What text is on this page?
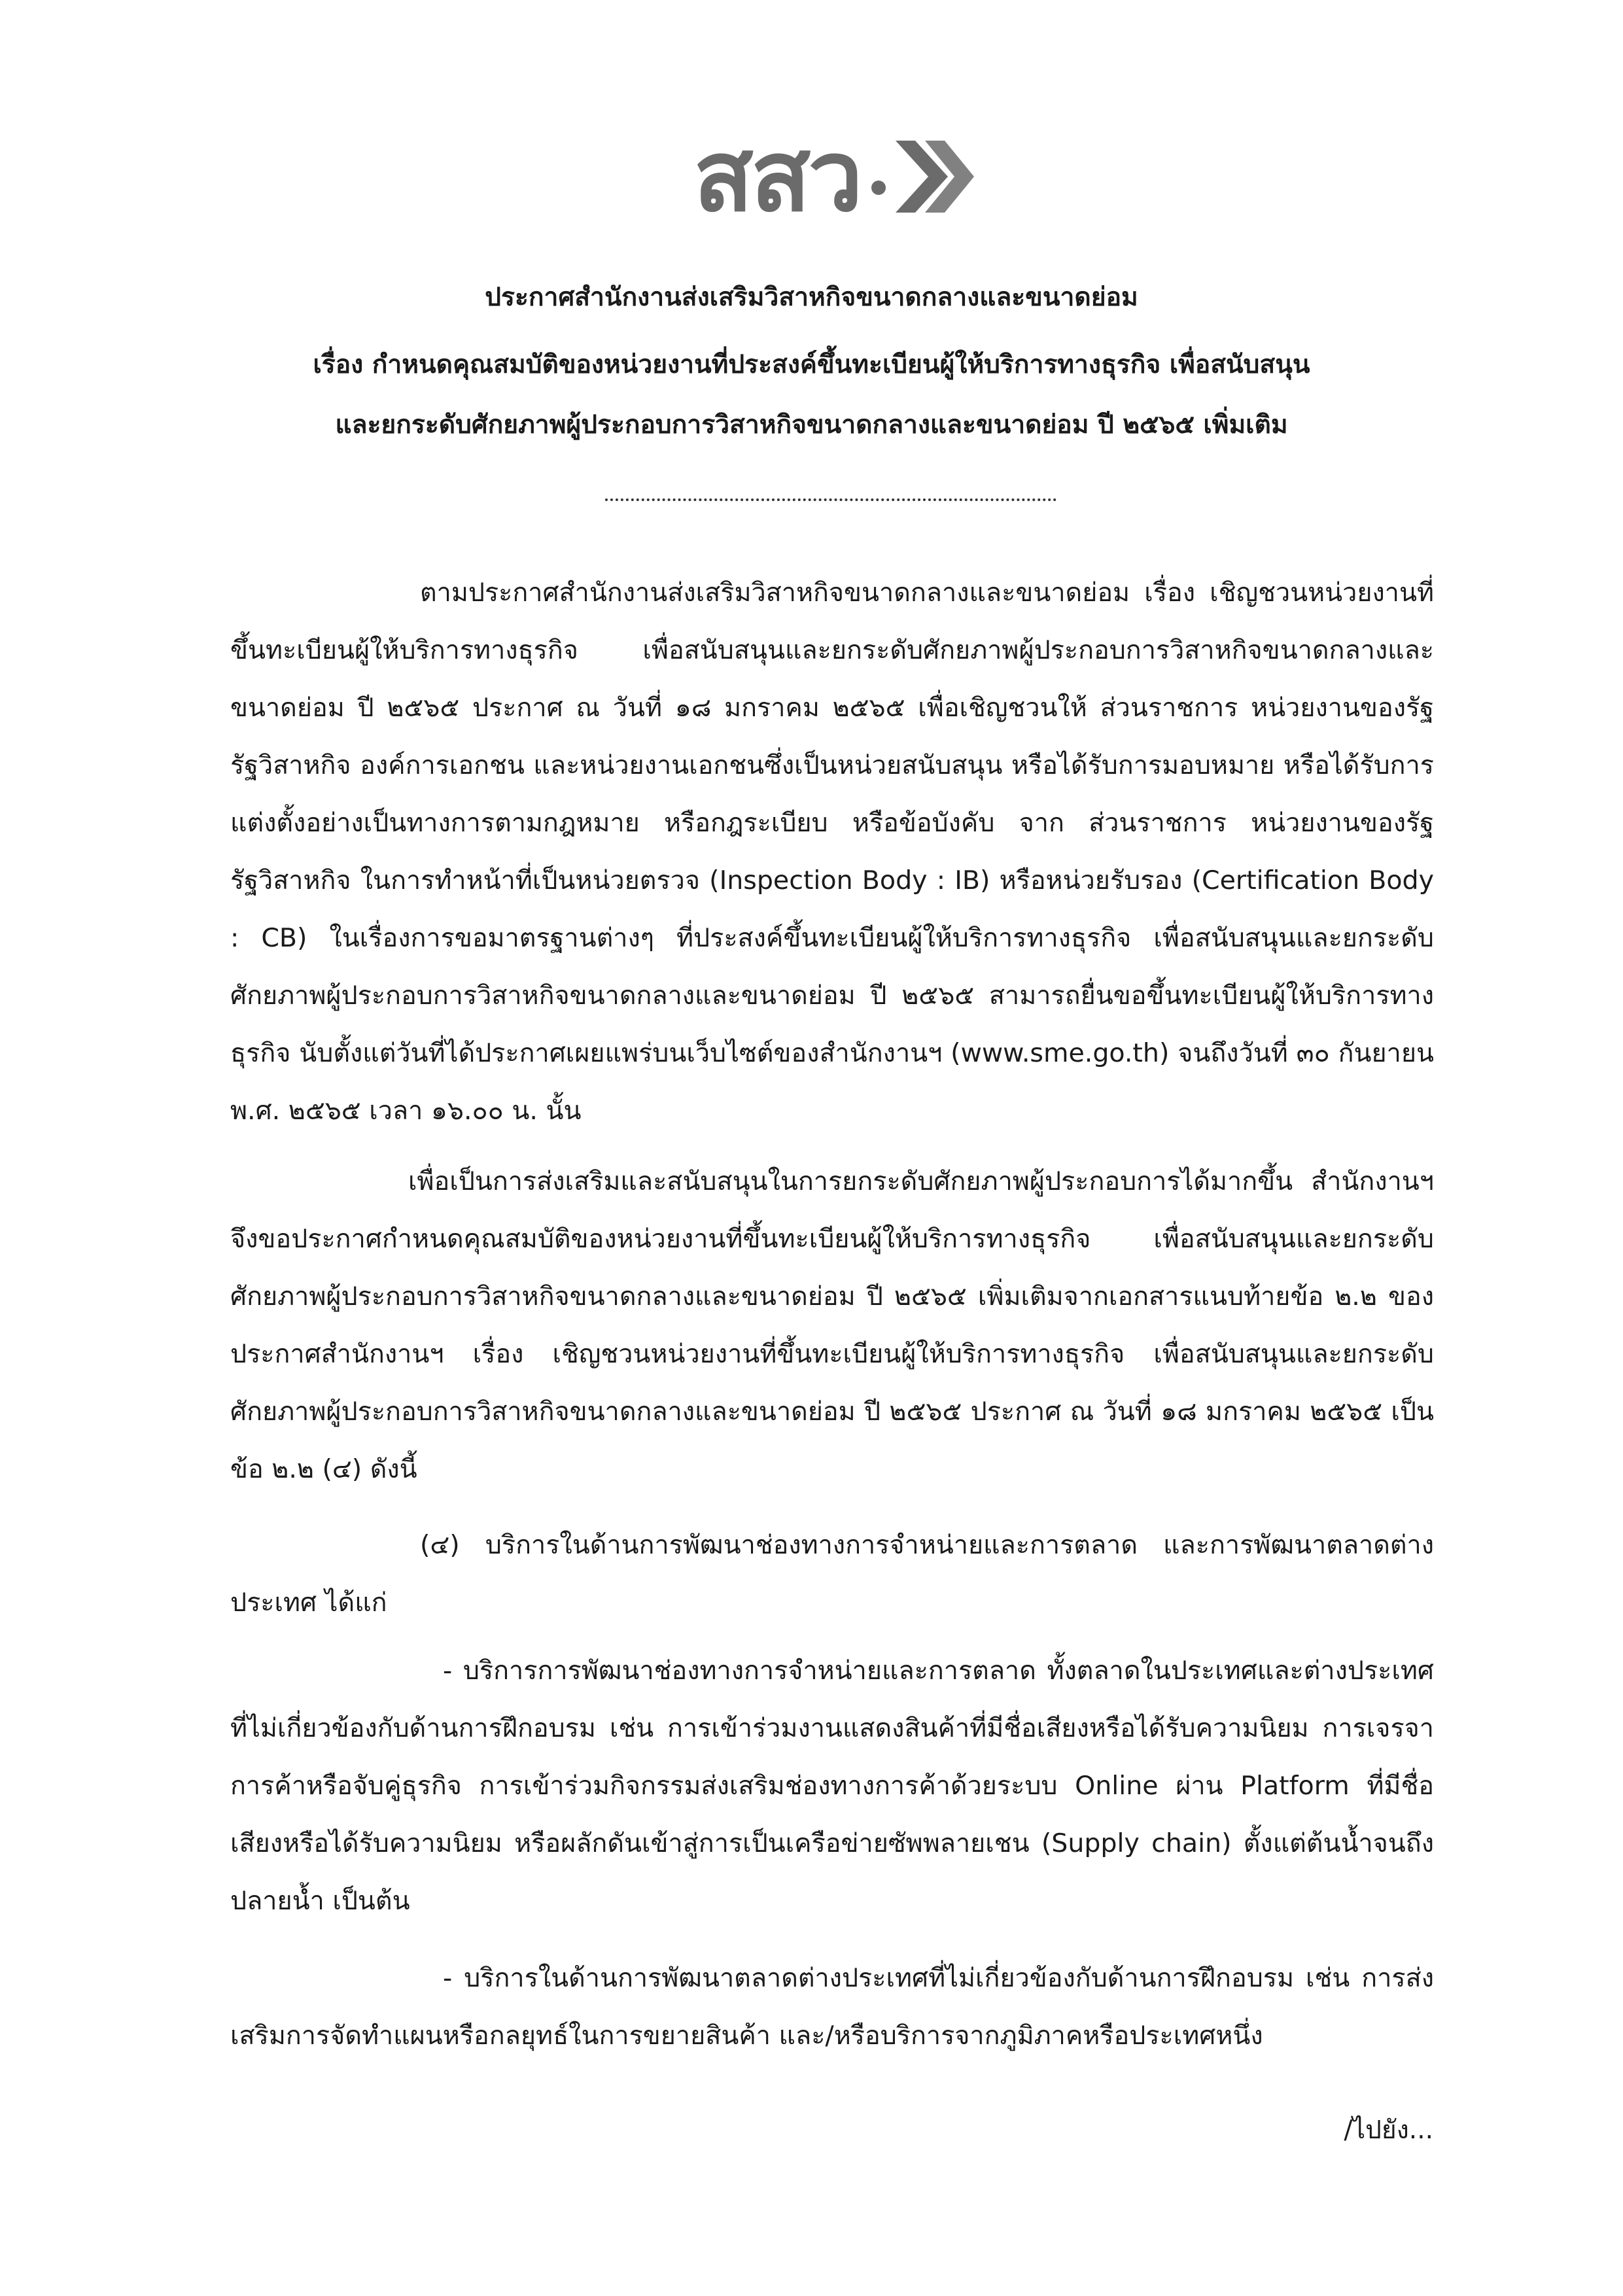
สสว
ประกาศสำนักงานส่งเสริมวิสาหกิจขนาดกลางและขนาดย่อม
เรื่อง กำหนดคุณสมบัติของหน่วยงานที่ประสงค์ขึ้นทะเบียนผู้ให้บริการทางธุรกิจ เพื่อสนับสนุน
และยกระดับศักยภาพผู้ประกอบการวิสาหกิจขนาดกลางและขนาดย่อม ปี ๒๕๖๕ เพิ่มเติม

ตามประกาศสำนักงานส่งเสริมวิสาหกิจขนาดกลางและขนาดย่อม เรื่อง เชิญชวนหน่วยงานที่ขึ้นทะเบียนผู้ให้บริการทางธุรกิจ เพื่อสนับสนุนและยกระดับศักยภาพผู้ประกอบการวิสาหกิจขนาดกลางและขนาดย่อม ปี ๒๕๖๕ ประกาศ ณ วันที่ ๑๘ มกราคม ๒๕๖๕ เพื่อเชิญชวนให้ ส่วนราชการ หน่วยงานของรัฐ รัฐวิสาหกิจ องค์การเอกชน และหน่วยงานเอกชนซึ่งเป็นหน่วยสนับสนุน หรือได้รับการมอบหมาย หรือได้รับการแต่งตั้งอย่างเป็นทางการตามกฎหมาย หรือกฎระเบียบ หรือข้อบังคับ จาก ส่วนราชการ หน่วยงานของรัฐ รัฐวิสาหกิจ ในการทำหน้าที่เป็นหน่วยตรวจ (Inspection Body : IB) หรือหน่วยรับรอง (Certification Body : CB) ในเรื่องการขอมาตรฐานต่างๆ ที่ประสงค์ขึ้นทะเบียนผู้ให้บริการทางธุรกิจ เพื่อสนับสนุนและยกระดับศักยภาพผู้ประกอบการวิสาหกิจขนาดกลางและขนาดย่อม ปี ๒๕๖๕ สามารถยื่นขอขึ้นทะเบียนผู้ให้บริการทางธุรกิจ นับตั้งแต่วันที่ได้ประกาศเผยแพร่บนเว็บไซต์ของสำนักงานฯ (www.sme.go.th) จนถึงวันที่ ๓๐ กันยายน พ.ศ. ๒๕๖๕ เวลา ๑๖.๐๐ น. นั้น

เพื่อเป็นการส่งเสริมและสนับสนุนในการยกระดับศักยภาพผู้ประกอบการได้มากขึ้น สำนักงานฯ จึงขอประกาศกำหนดคุณสมบัติของหน่วยงานที่ขึ้นทะเบียนผู้ให้บริการทางธุรกิจ เพื่อสนับสนุนและยกระดับศักยภาพผู้ประกอบการวิสาหกิจขนาดกลางและขนาดย่อม ปี ๒๕๖๕ เพิ่มเติมจากเอกสารแนบท้ายข้อ ๒.๒ ของประกาศสำนักงานฯ เรื่อง เชิญชวนหน่วยงานที่ขึ้นทะเบียนผู้ให้บริการทางธุรกิจ เพื่อสนับสนุนและยกระดับศักยภาพผู้ประกอบการวิสาหกิจขนาดกลางและขนาดย่อม ปี ๒๕๖๕ ประกาศ ณ วันที่ ๑๘ มกราคม ๒๕๖๕ เป็นข้อ ๒.๒ (๔) ดังนี้

(๔) บริการในด้านการพัฒนาช่องทางการจำหน่ายและการตลาด และการพัฒนาตลาดต่างประเทศ ได้แก่

- บริการการพัฒนาช่องทางการจำหน่ายและการตลาด ทั้งตลาดในประเทศและต่างประเทศ ที่ไม่เกี่ยวข้องกับด้านการฝึกอบรม เช่น การเข้าร่วมงานแสดงสินค้าที่มีชื่อเสียงหรือได้รับความนิยม การเจรจาการค้าหรือจับคู่ธุรกิจ การเข้าร่วมกิจกรรมส่งเสริมช่องทางการค้าด้วยระบบ Online ผ่าน Platform ที่มีชื่อเสียงหรือได้รับความนิยม หรือผลักดันเข้าสู่การเป็นเครือข่ายซัพพลายเชน (Supply chain) ตั้งแต่ต้นน้ำจนถึงปลายน้ำ เป็นต้น

- บริการในด้านการพัฒนาตลาดต่างประเทศที่ไม่เกี่ยวข้องกับด้านการฝึกอบรม เช่น การส่งเสริมการจัดทำแผนหรือกลยุทธ์ในการขยายสินค้า และ/หรือบริการจากภูมิภาคหรือประเทศหนึ่ง

/ไปยัง...
